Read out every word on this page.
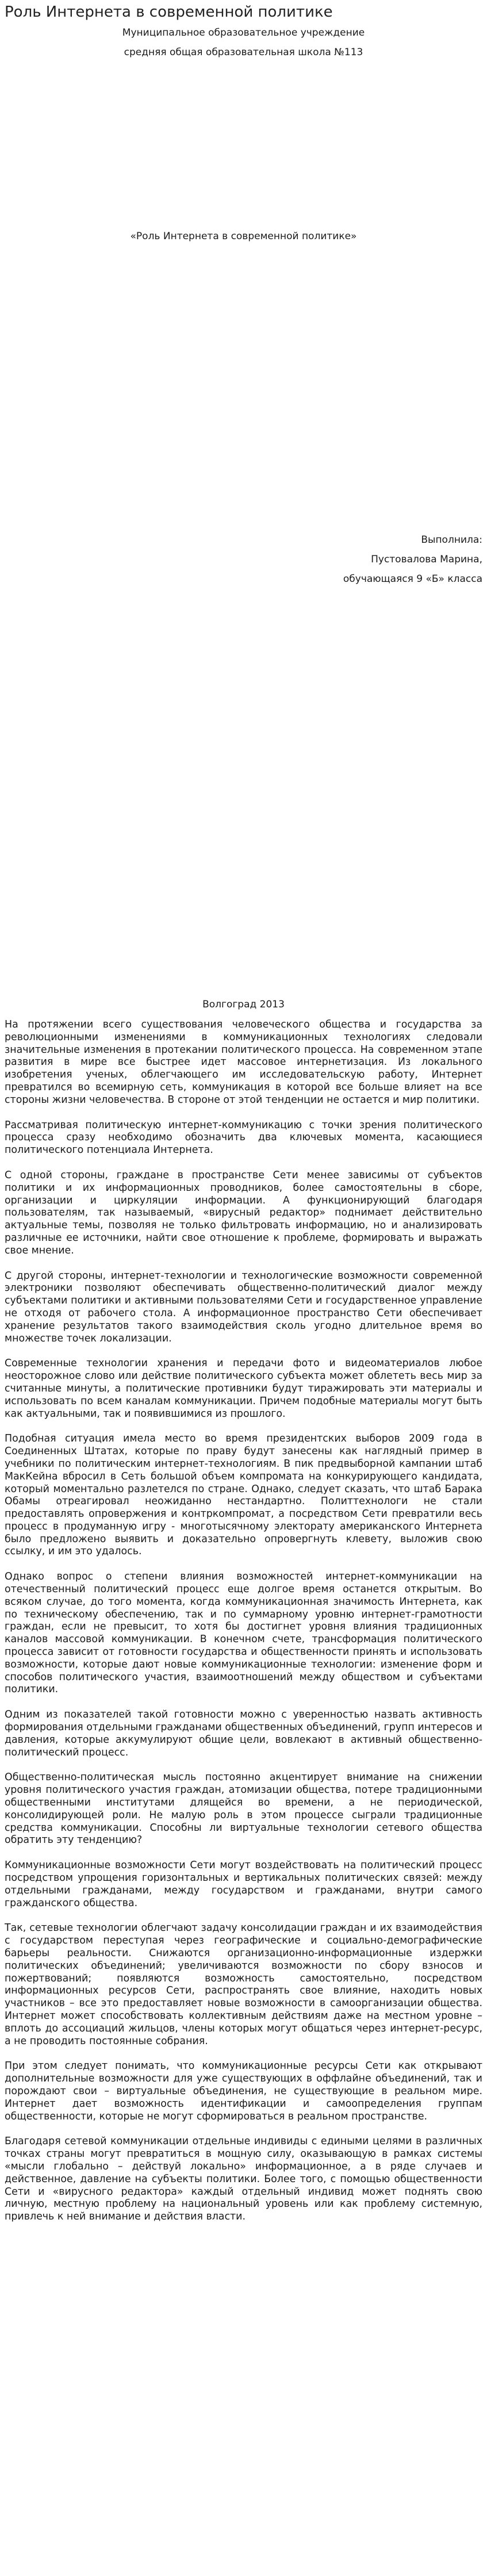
Роль Интернета в современной политике
Муниципальное образовательное учреждение
средняя общая образовательная школа №113
«Роль Интернета в современной политике»
Выполнила:
Пустовалова Марина,
обучающаяся 9 «Б» класса
Волгоград 2013

На протяжении всего существования человеческого общества и государства за революционными изменениями в коммуникационных технологиях следовали значительные изменения в протекании политического процесса. На современном этапе развития в мире все быстрее идет массовое интернетизация. Из локального изобретения ученых, облегчающего им исследовательскую работу, Интернет превратился во всемирную сеть, коммуникация в которой все больше влияет на все стороны жизни человечества. В стороне от этой тенденции не остается и мир политики.

Рассматривая политическую интернет-коммуникацию с точки зрения политического процесса сразу необходимо обозначить два ключевых момента, касающиеся политического потенциала Интернета.

С одной стороны, граждане в пространстве Сети менее зависимы от субъектов политики и их информационных проводников, более самостоятельны в сборе, организации и циркуляции информации. А функционирующий благодаря пользователям, так называемый, «вирусный редактор» поднимает действительно актуальные темы, позволяя не только фильтровать информацию, но и анализировать различные ее источники, найти свое отношение к проблеме, формировать и выражать свое мнение.

С другой стороны, интернет-технологии и технологические возможности современной электроники позволяют обеспечивать общественно-политический диалог между субъектами политики и активными пользователями Сети и государственное управление не отходя от рабочего стола. А информационное пространство Сети обеспечивает хранение результатов такого взаимодействия сколь угодно длительное время во множестве точек локализации.

Современные технологии хранения и передачи фото и видеоматериалов любое неосторожное слово или действие политического субъекта может облететь весь мир за считанные минуты, а политические противники будут тиражировать эти материалы и использовать по всем каналам коммуникации. Причем подобные материалы могут быть как актуальными, так и появившимися из прошлого.

Подобная ситуация имела место во время президентских выборов 2009 года в Соединенных Штатах, которые по праву будут занесены как наглядный пример в учебники по политическим интернет-технологиям. В пик предвыборной кампании штаб МакКейна вбросил в Сеть большой объем компромата на конкурирующего кандидата, который моментально разлетелся по стране. Однако, следует сказать, что штаб Барака Обамы отреагировал неожиданно нестандартно. Политтехнологи не стали предоставлять опровержения и контркомпромат, а посредством Сети превратили весь процесс в продуманную игру - многотысячному электорату американского Интернета было предложено выявить и доказательно опровергнуть клевету, выложив свою ссылку, и им это удалось.

Однако вопрос о степени влияния возможностей интернет-коммуникации на отечественный политический процесс еще долгое время останется открытым. Во всяком случае, до того момента, когда коммуникационная значимость Интернета, как по техническому обеспечению, так и по суммарному уровню интернет-грамотности граждан, если не превысит, то хотя бы достигнет уровня влияния традиционных каналов массовой коммуникации. В конечном счете, трансформация политического процесса зависит от готовности государства и общественности принять и использовать возможности, которые дают новые коммуникационные технологии: изменение форм и способов политического участия, взаимоотношений между обществом и субъектами политики.

Одним из показателей такой готовности можно с уверенностью назвать активность формирования отдельными гражданами общественных объединений, групп интересов и давления, которые аккумулируют общие цели, вовлекают в активный общественно-политический процесс.

Общественно-политическая мысль постоянно акцентирует внимание на снижении уровня политического участия граждан, атомизации общества, потере традиционными общественными институтами длящейся во времени, а не периодической, консолидирующей роли. Не малую роль в этом процессе сыграли традиционные средства коммуникации. Способны ли виртуальные технологии сетевого общества обратить эту тенденцию?

Коммуникационные возможности Сети могут воздействовать на политический процесс посредством упрощения горизонтальных и вертикальных политических связей: между отдельными гражданами, между государством и гражданами, внутри самого гражданского общества.

Так, сетевые технологии облегчают задачу консолидации граждан и их взаимодействия с государством переступая через географические и социально-демографические барьеры реальности. Снижаются организационно-информационные издержки политических объединений; увеличиваются возможности по сбору взносов и пожертвований; появляются возможность самостоятельно, посредством информационных ресурсов Сети, распространять свое влияние, находить новых участников – все это предоставляет новые возможности в самоорганизации общества. Интернет может способствовать коллективным действиям даже на местном уровне – вплоть до ассоциаций жильцов, члены которых могут общаться через интернет-ресурс, а не проводить постоянные собрания.

При этом следует понимать, что коммуникационные ресурсы Сети как открывают дополнительные возможности для уже существующих в оффлайне объединений, так и порождают свои – виртуальные объединения, не существующие в реальном мире. Интернет дает возможность идентификации и самоопределения группам общественности, которые не могут сформироваться в реальном пространстве.

Благодаря сетевой коммуникации отдельные индивиды с едиными целями в различных точках страны могут превратиться в мощную силу, оказывающую в рамках системы «мысли глобально – действуй локально» информационное, а в ряде случаев и действенное, давление на субъекты политики. Более того, с помощью общественности Сети и «вирусного редактора» каждый отдельный индивид может поднять свою личную, местную проблему на национальный уровень или как проблему системную, привлечь к ней внимание и действия власти.
